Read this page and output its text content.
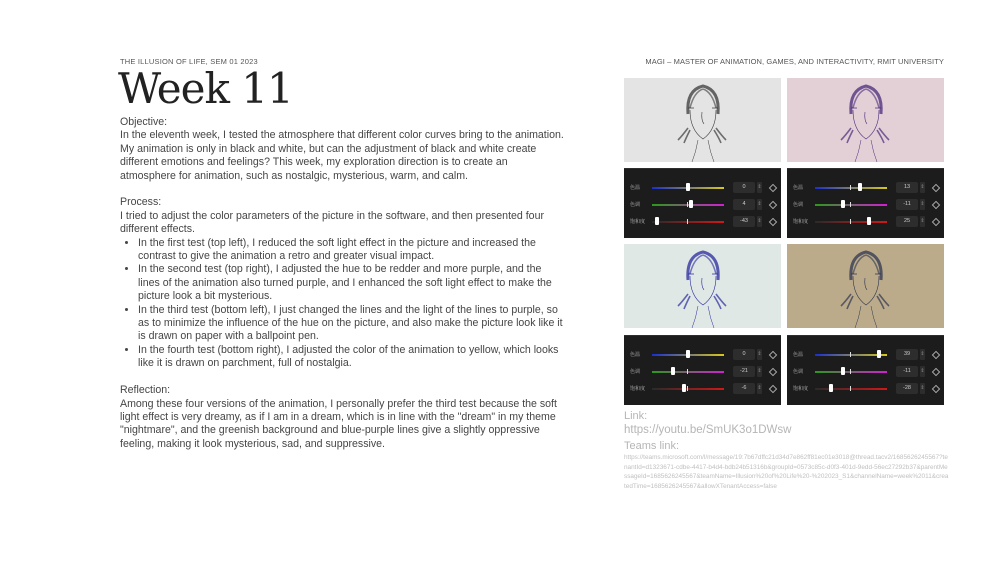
THE ILLUSION OF LIFE, SEM 01 2023	MAGI – MASTER OF ANIMATION, GAMES, AND INTERACTIVITY, RMIT UNIVERSITY
Week 11

Objective:

In the eleventh week, I tested the atmosphere that different color curves bring to the animation. My animation is only in black and white, but can the adjustment of black and white create different emotions and feelings? This week, my exploration direction is to create an atmosphere for animation, such as nostalgic, mysterious, warm, and calm.

Process:

I tried to adjust the color parameters of the picture in the software, and then presented four different effects.

• In the first test (top left), I reduced the soft light effect in the picture and increased the contrast to give the animation a retro and greater visual impact.
• In the second test (top right), I adjusted the hue to be redder and more purple, and the lines of the animation also turned purple, and I enhanced the soft light effect to make the picture look a bit mysterious.
• In the third test (bottom left), I just changed the lines and the light of the lines to purple, so as to minimize the influence of the hue on the picture, and also make the picture look like it is drawn on paper with a ballpoint pen.
• In the fourth test (bottom right), I adjusted the color of the animation to yellow, which looks like it is drawn on parchment, full of nostalgia.

Reflection:

Among these four versions of the animation, I personally prefer the third test because the soft light effect is very dreamy, as if I am in a dream, which is in line with the "dream" in my theme "nightmare", and the greenish background and blue-purple lines give a slightly oppressive feeling, making it look mysterious, sad, and suppressive.

色温	0	⇕
色调	4	⇕
饱和度	-43	⇕
色温	13	⇕
色调	-11	⇕
饱和度	25	⇕
色温	0	⇕
色调	-21	⇕
饱和度	-6	⇕
色温	39	⇕
色调	-11	⇕
饱和度	-28	⇕
Link:
https://youtu.be/SmUK3o1DWsw
Teams link:
https://teams.microsoft.com/l/message/19:7b67dffc21d34d7e862ff81ec01e3018@thread.tacv2/1685626245567?tenantId=d1323671-cdbe-4417-b4d4-bdb24b51316b&groupId=0573c85c-d0f3-401d-9edd-56ec27292b37&parentMessageId=1685626245567&teamName=Illusion%20of%20Life%20-%202023_S1&channelName=week%2011&createdTime=1685626245567&allowXTenantAccess=false
